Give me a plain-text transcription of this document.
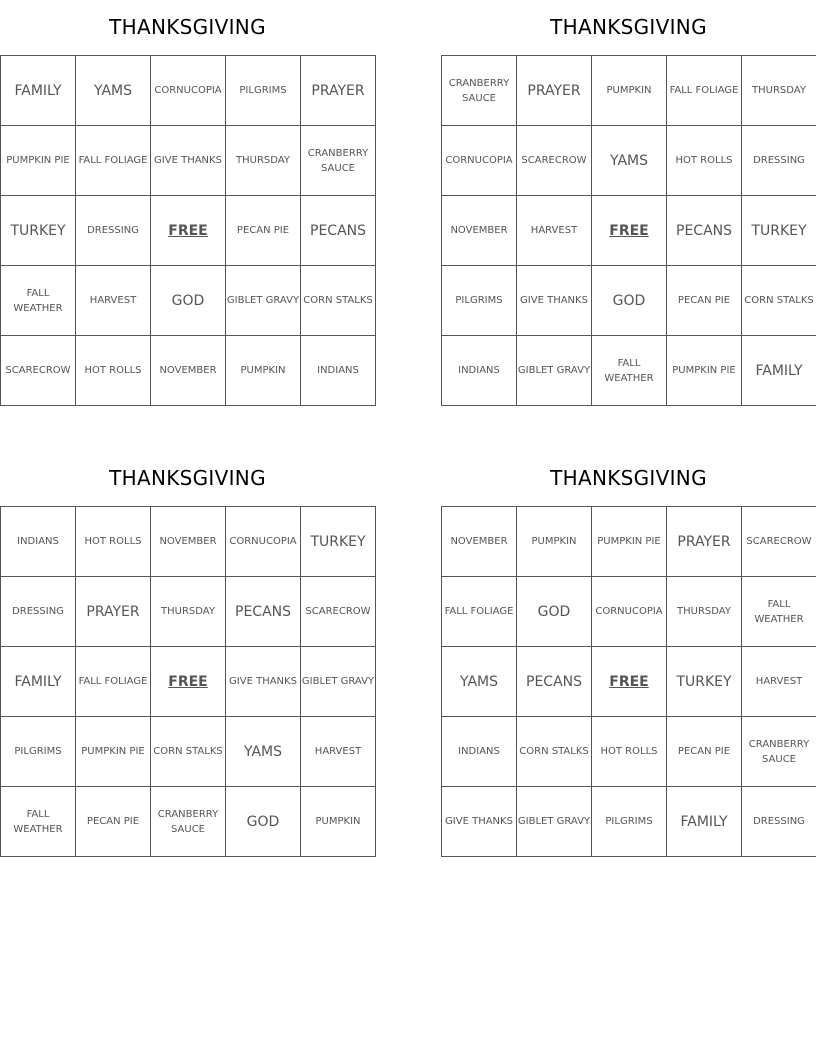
THANKSGIVING
FAMILY	YAMS	CORNUCOPIA	PILGRIMS	PRAYER

PUMPKIN PIE	FALL FOLIAGE	GIVE THANKS	THURSDAY	CRANBERRY SAUCE

TURKEY	DRESSING	FREE	PECAN PIE	PECANS

FALL WEATHER	HARVEST	GOD	GIBLET GRAVY	CORN STALKS

SCARECROW	HOT ROLLS	NOVEMBER	PUMPKIN	INDIANS
THANKSGIVING
CRANBERRY SAUCE	PRAYER	PUMPKIN	FALL FOLIAGE	THURSDAY

CORNUCOPIA	SCARECROW	YAMS	HOT ROLLS	DRESSING

NOVEMBER	HARVEST	FREE	PECANS	TURKEY

PILGRIMS	GIVE THANKS	GOD	PECAN PIE	CORN STALKS

INDIANS	GIBLET GRAVY	FALL WEATHER	PUMPKIN PIE	FAMILY
THANKSGIVING
INDIANS	HOT ROLLS	NOVEMBER	CORNUCOPIA	TURKEY

DRESSING	PRAYER	THURSDAY	PECANS	SCARECROW

FAMILY	FALL FOLIAGE	FREE	GIVE THANKS	GIBLET GRAVY

PILGRIMS	PUMPKIN PIE	CORN STALKS	YAMS	HARVEST

FALL WEATHER	PECAN PIE	CRANBERRY SAUCE	GOD	PUMPKIN
THANKSGIVING
NOVEMBER	PUMPKIN	PUMPKIN PIE	PRAYER	SCARECROW

FALL FOLIAGE	GOD	CORNUCOPIA	THURSDAY	FALL WEATHER

YAMS	PECANS	FREE	TURKEY	HARVEST

INDIANS	CORN STALKS	HOT ROLLS	PECAN PIE	CRANBERRY SAUCE

GIVE THANKS	GIBLET GRAVY	PILGRIMS	FAMILY	DRESSING
